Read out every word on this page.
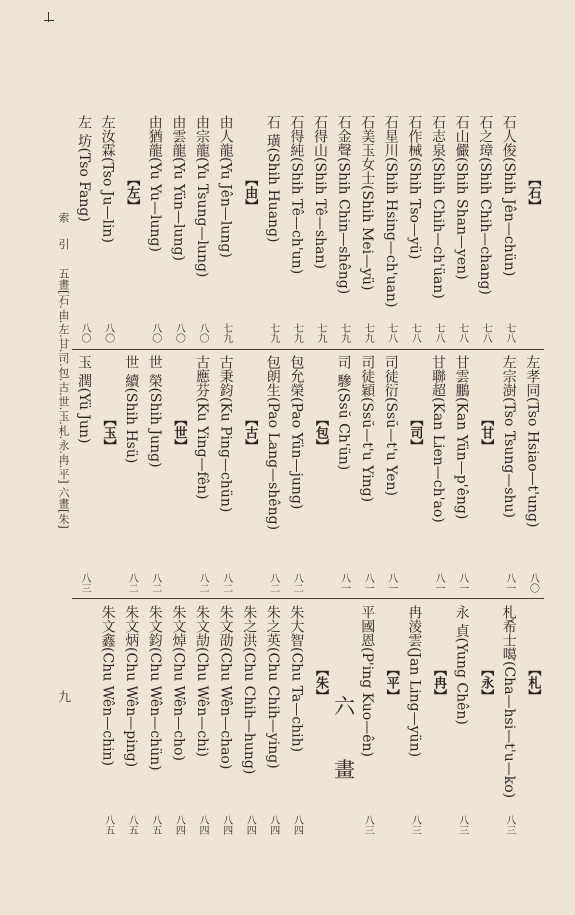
索 引
五畫[石.由.左.甘.司.包.古.世.玉.札.永.冉.平] 六畫[朱]
九
【石】
石人俊(Shih Jên—chün)
七八
石之璋(Shih Chih—chang)
七八
石山儼(Shih Shan—yen)
七八
石志泉(Shih Chih—ch'üan)
七八
石作械(Shih Tso—yü)
七八
石星川(Shih Hsing—ch'uan)
七八
石美玉女士(Shih Mei—yü)
七九
石金聲(Shih Chin—shêng)
七九
石得山(Shih Tê—shan)
七九
石得純(Shih Tê—ch'un)
七九
石 璜(Shih Huang)
七九
【由】
由人龍(Yu Jên—lung)
七九
由宗龍(Yu Tsung—lung)
八〇
由雲龍(Yu Yün—lung)
八〇
由猶龍(Yu Yu—lung)
八〇
【左】
左汝霖(Tso Ju—lin)
八〇
左 坊(Tso Fang)
八〇
左孝同(Tso Hsiao—t'ung)
八〇
左宗澍(Tso Tsung—shu)
八一
【甘】
甘雲鵬(Kan Yün—p'êng)
八一
甘聯超(Kan Lien—ch'ao)
八一
【司】
司徒衍(Ssŭ—t'u Yen)
八一
司徒穎(Ssŭ—t'u Ying)
八一
司 驂(Ssŭ Ch'ün)
八一
【包】
包允榮(Pao Yün—jung)
八二
包朗生(Pao Lang—shêng)
八二
【古】
古秉鈞(Ku Ping—chün)
八二
古應芬(Ku Ying—fên)
八二
【世】
世 榮(Shih Jung)
八二
世 續(Shih Hsü)
八二
【玉】
玉 潤(Yü Jun)
八三
【札】
札希士噶(Cha—hsi—t'u—ko)
八三
【永】
永 貞(Yung Chên)
八三
【冉】
冉淩雲(Jan Ling—yün)
八三
【平】
平國恩(P'ing Kuo—ên)
八三
六 畫
【朱】
朱大智(Chu Ta—chih)
八四
朱之英(Chu Chih—ying)
八四
朱之洪(Chu Chih—hung)
八四
朱文劭(Chu Wên—chao)
八四
朱文劼(Chu Wên—chi)
八四
朱文焯(Chu Wên—cho)
八四
朱文鈞(Chu Wên—chün)
八五
朱文炳(Chu Wên—ping)
八五
朱文鑫(Chu Wên—chin)
八五
